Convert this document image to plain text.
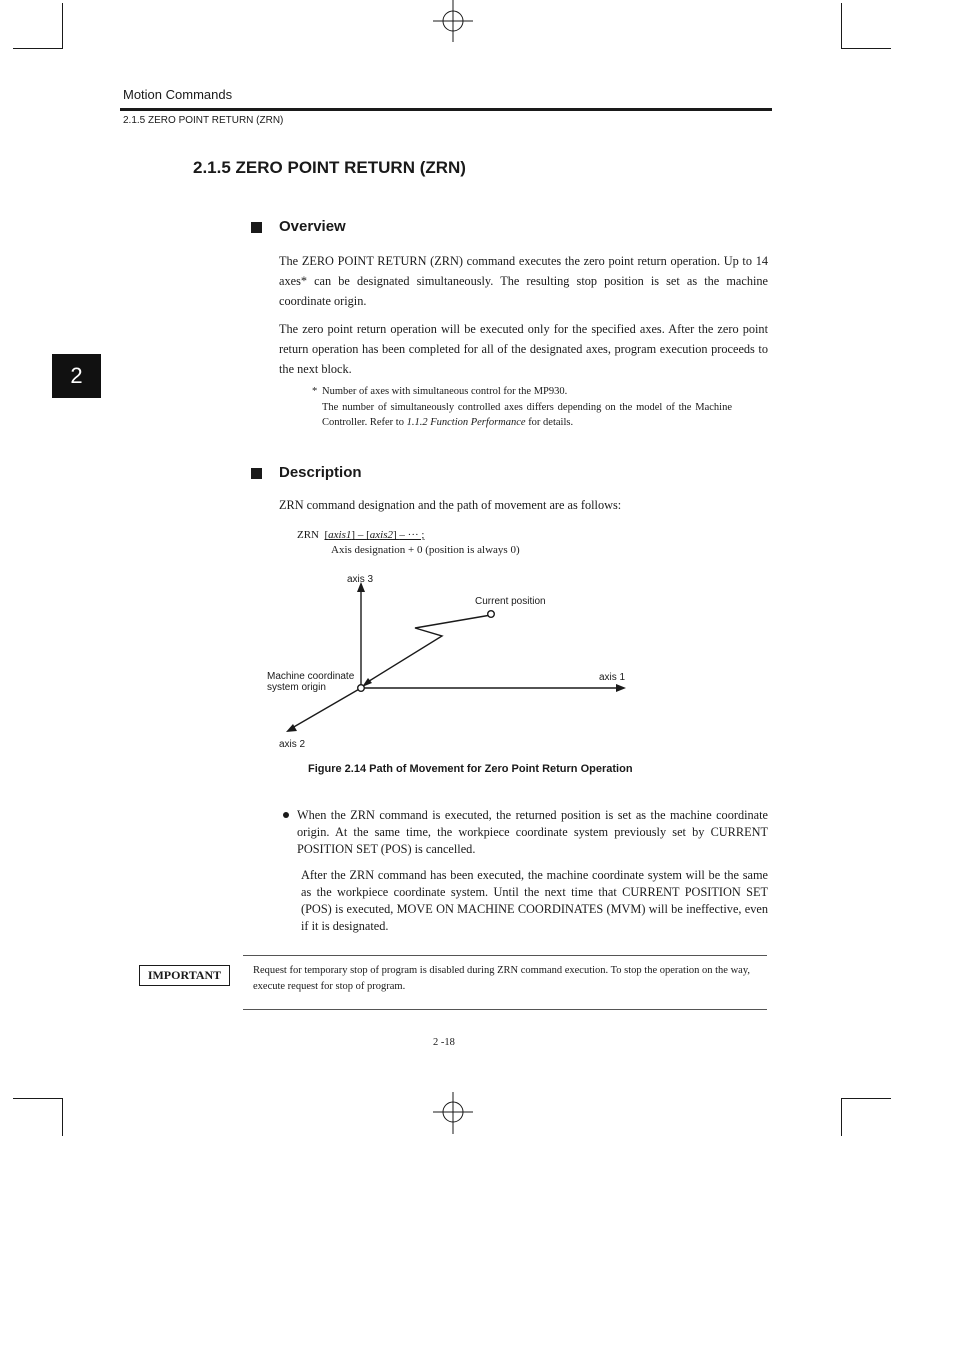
Motion Commands
2.1.5 ZERO POINT RETURN (ZRN)
2
2.1.5 ZERO POINT RETURN (ZRN)
Overview
The ZERO POINT RETURN (ZRN) command executes the zero point return operation. Up to 14 axes* can be designated simultaneously. The resulting stop position is set as the machine coordinate origin.
The zero point return operation will be executed only for the specified axes. After the zero point return operation has been completed for all of the designated axes, program execution proceeds to the next block.
* Number of axes with simultaneous control for the MP930.
The number of simultaneously controlled axes differs depending on the model of the Machine Controller. Refer to 1.1.2 Function Performance for details.
Description
ZRN command designation and the path of movement are as follows:
ZRN [axis1] – [axis2] – ··· ;
Axis designation + 0 (position is always 0)
axis 3
Current position
axis 1
Machine coordinate
system origin
axis 2
Figure 2.14 Path of Movement for Zero Point Return Operation
When the ZRN command is executed, the returned position is set as the machine coordinate origin. At the same time, the workpiece coordinate system previously set by CURRENT POSITION SET (POS) is cancelled.
After the ZRN command has been executed, the machine coordinate system will be the same as the workpiece coordinate system. Until the next time that CURRENT POSITION SET (POS) is executed, MOVE ON MACHINE COORDINATES (MVM) will be ineffective, even if it is designated.
IMPORTANT	Request for temporary stop of program is disabled during ZRN command execution. To stop the operation on the way, execute request for stop of program.
2 -18
